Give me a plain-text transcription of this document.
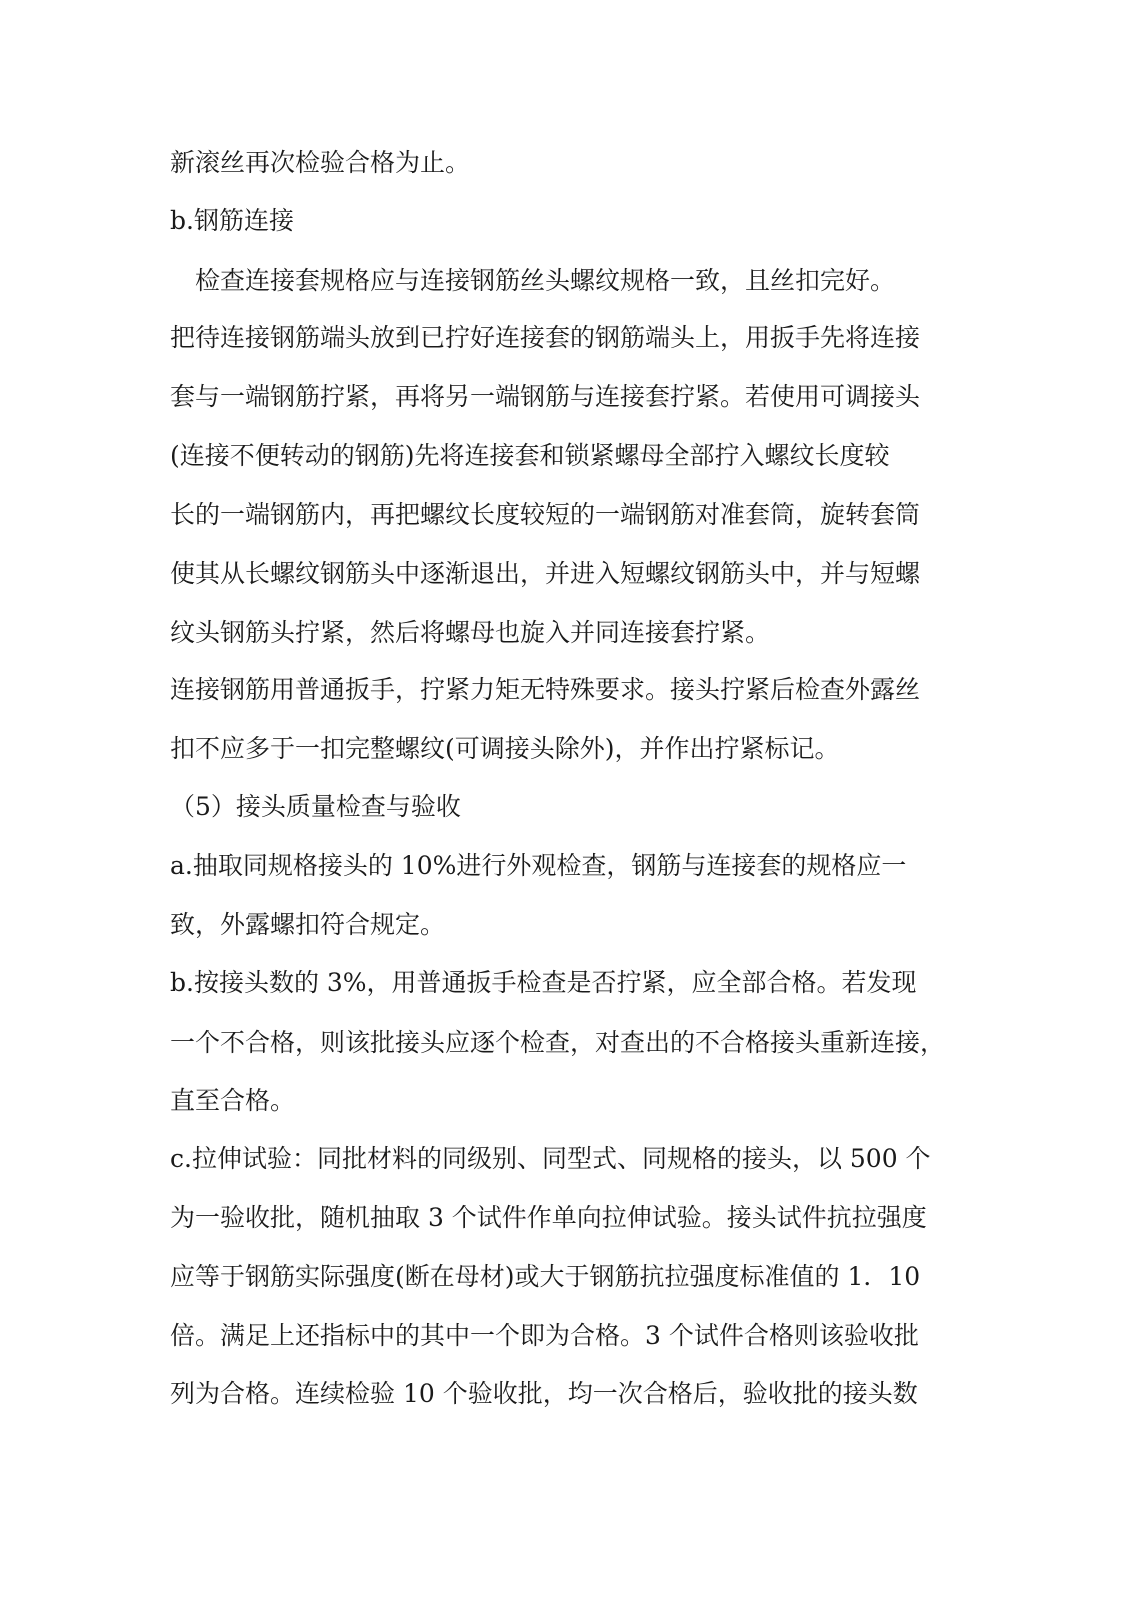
新滚丝再次检验合格为止。
b.钢筋连接
检查连接套规格应与连接钢筋丝头螺纹规格一致，且丝扣完好。
把待连接钢筋端头放到已拧好连接套的钢筋端头上，用扳手先将连接
套与一端钢筋拧紧，再将另一端钢筋与连接套拧紧。若使用可调接头
(连接不便转动的钢筋)先将连接套和锁紧螺母全部拧入螺纹长度较
长的一端钢筋内，再把螺纹长度较短的一端钢筋对准套筒，旋转套筒
使其从长螺纹钢筋头中逐渐退出，并进入短螺纹钢筋头中，并与短螺
纹头钢筋头拧紧，然后将螺母也旋入并同连接套拧紧。
连接钢筋用普通扳手，拧紧力矩无特殊要求。接头拧紧后检查外露丝
扣不应多于一扣完整螺纹(可调接头除外)，并作出拧紧标记。
（5）接头质量检查与验收
a.抽取同规格接头的 10%进行外观检查，钢筋与连接套的规格应一
致，外露螺扣符合规定。
b.按接头数的 3%，用普通扳手检查是否拧紧，应全部合格。若发现
一个不合格，则该批接头应逐个检查，对查出的不合格接头重新连接，
直至合格。
c.拉伸试验：同批材料的同级别、同型式、同规格的接头，以 500 个
为一验收批，随机抽取 3 个试件作单向拉伸试验。接头试件抗拉强度
应等于钢筋实际强度(断在母材)或大于钢筋抗拉强度标准值的 1．10
倍。满足上还指标中的其中一个即为合格。3 个试件合格则该验收批
列为合格。连续检验 10 个验收批，均一次合格后，验收批的接头数
